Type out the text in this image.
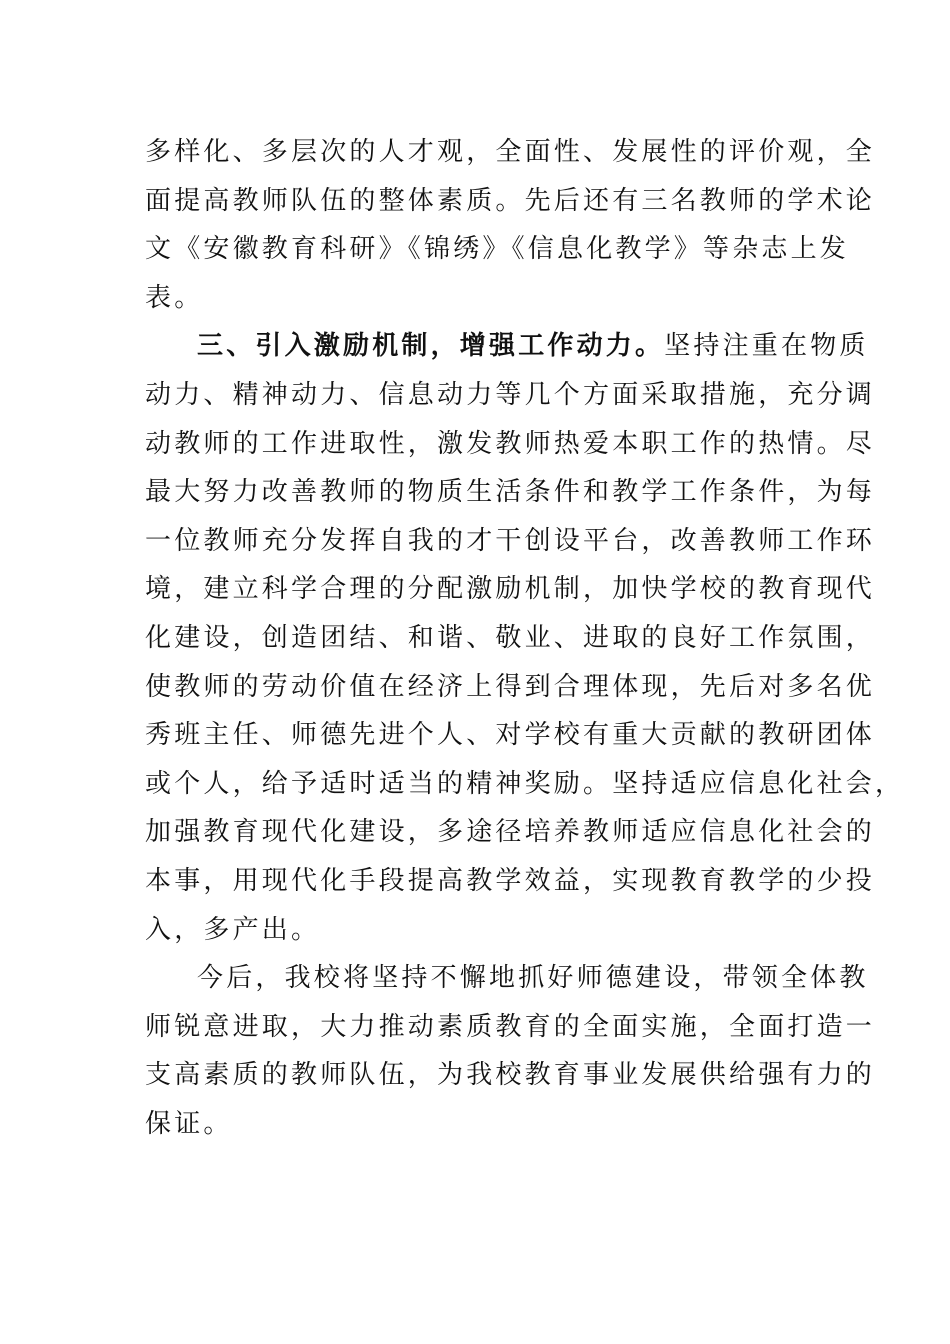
多样化、多层次的人才观，全面性、发展性的评价观，全
面提高教师队伍的整体素质。先后还有三名教师的学术论
文《安徽教育科研》《锦绣》《信息化教学》等杂志上发
表。
三、引入激励机制，增强工作动力。坚持注重在物质
动力、精神动力、信息动力等几个方面采取措施，充分调
动教师的工作进取性，激发教师热爱本职工作的热情。尽
最大努力改善教师的物质生活条件和教学工作条件，为每
一位教师充分发挥自我的才干创设平台，改善教师工作环
境，建立科学合理的分配激励机制，加快学校的教育现代
化建设，创造团结、和谐、敬业、进取的良好工作氛围，
使教师的劳动价值在经济上得到合理体现，先后对多名优
秀班主任、师德先进个人、对学校有重大贡献的教研团体
或个人，给予适时适当的精神奖励。坚持适应信息化社会，
加强教育现代化建设，多途径培养教师适应信息化社会的
本事，用现代化手段提高教学效益，实现教育教学的少投
入，多产出。
今后，我校将坚持不懈地抓好师德建设，带领全体教
师锐意进取，大力推动素质教育的全面实施，全面打造一
支高素质的教师队伍，为我校教育事业发展供给强有力的
保证。
